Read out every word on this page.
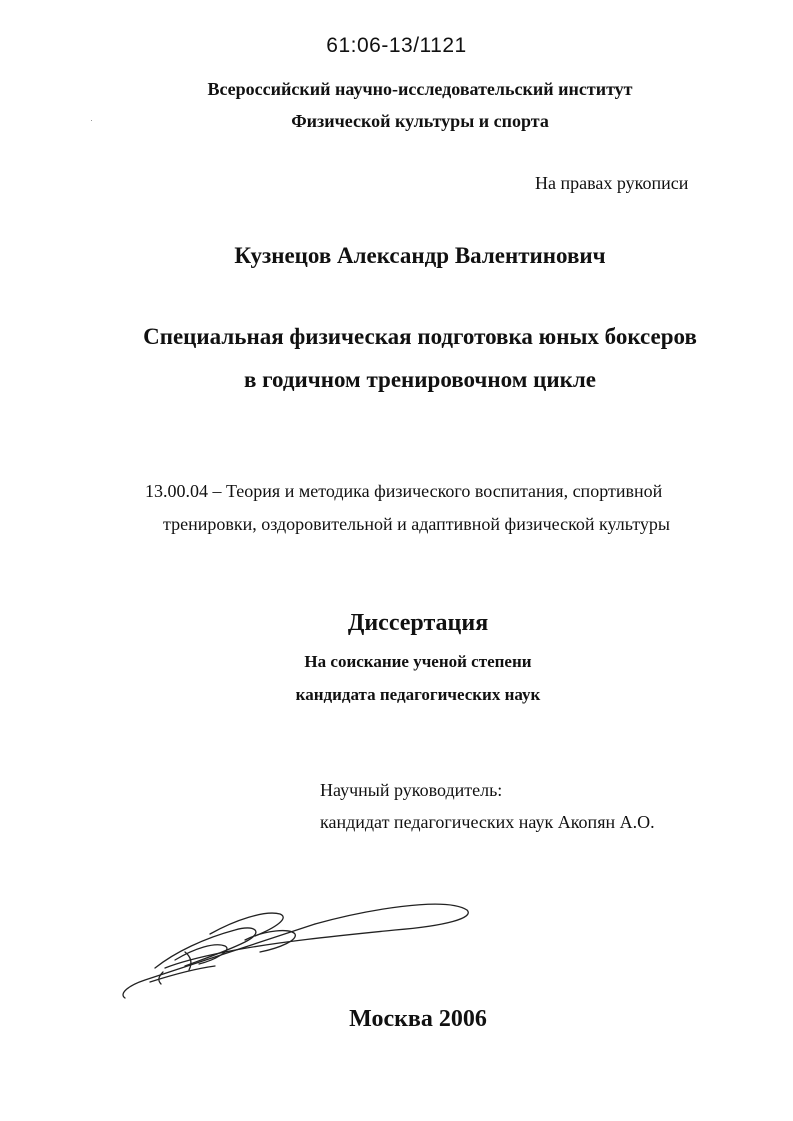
61:06-13/1121
Всероссийский научно-исследовательский институт
Физической культуры и спорта
На правах рукописи
Кузнецов Александр Валентинович
Специальная физическая подготовка юных боксеров
в годичном тренировочном цикле
13.00.04 – Теория и методика физического воспитания, спортивной
тренировки, оздоровительной и адаптивной физической культуры
Диссертация
На соискание ученой степени
кандидата педагогических наук
Научный руководитель:
кандидат педагогических наук Акопян А.О.
Москва 2006
